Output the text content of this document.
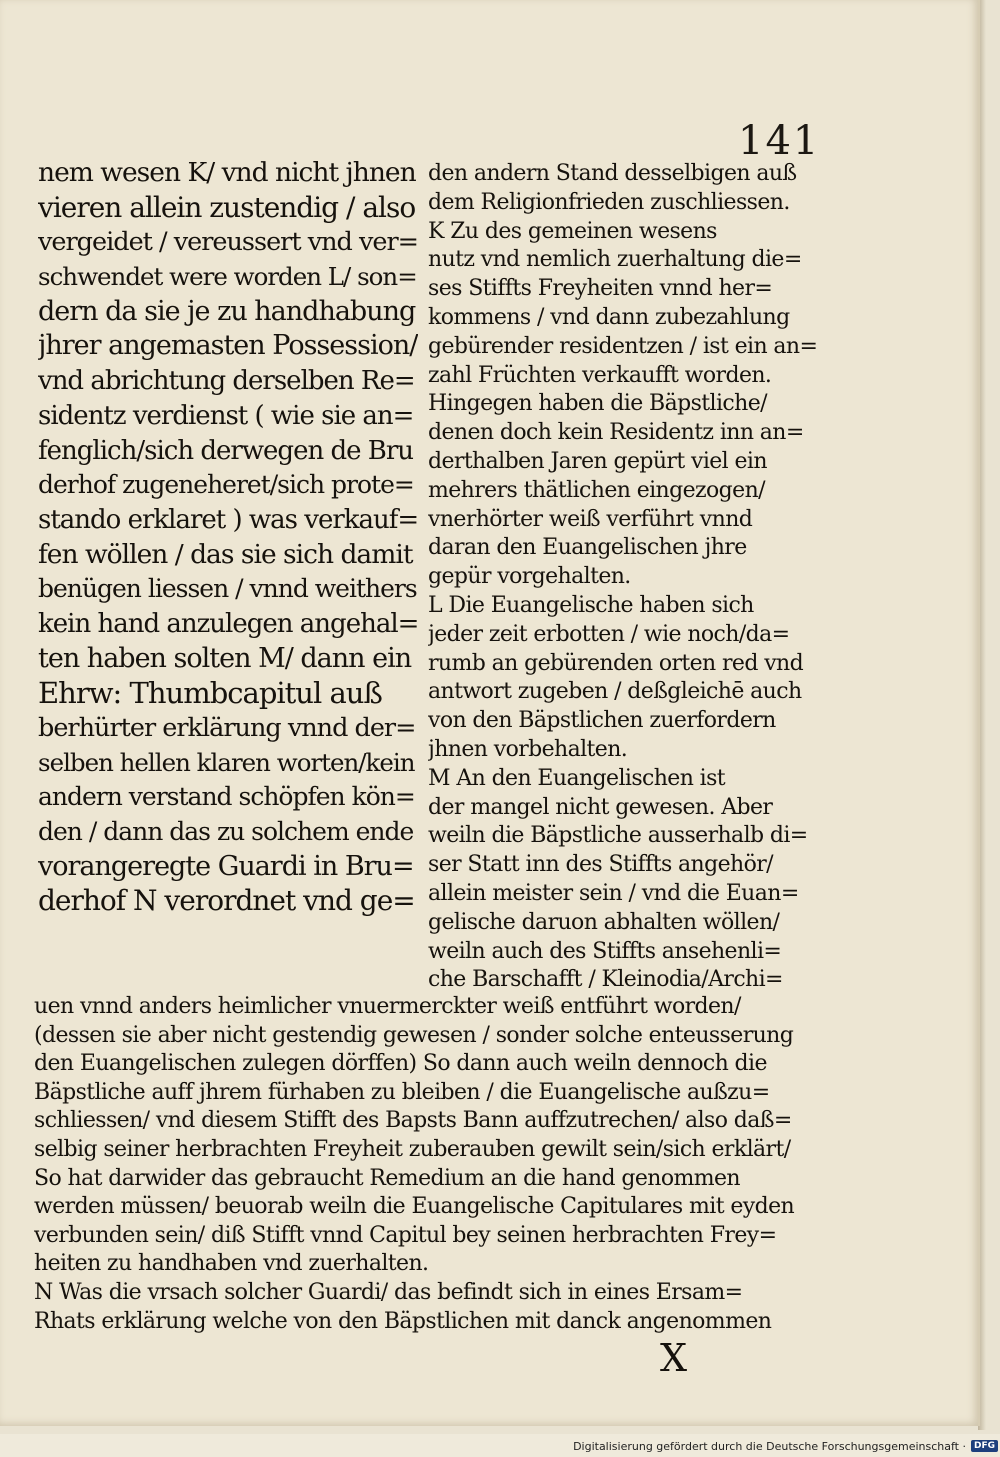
141
nem wesen K/ vnd nicht jhnen
vieren allein zustendig / also
vergeidet / vereussert vnd ver=
schwendet were worden L/ son=
dern da sie je zu handhabung
jhrer angemasten Possession/
vnd abrichtung derselben Re=
sidentz verdienst ( wie sie an=
fenglich/sich derwegen de Bru
derhof zugeneheret/sich prote=
stando erklaret ) was verkauf=
fen wöllen / das sie sich damit
benügen liessen / vnnd weithers
kein hand anzulegen angehal=
ten haben solten M/ dann ein
Ehrw: Thumbcapitul auß
berhürter erklärung vnnd der=
selben hellen klaren worten/kein
andern verstand schöpfen kön=
den / dann das zu solchem ende
vorangeregte Guardi in Bru=
derhof N verordnet vnd ge=
den andern Stand desselbigen auß
dem Religionfrieden zuschliessen.
K Zu des gemeinen wesens
nutz vnd nemlich zuerhaltung die=
ses Stiffts Freyheiten vnnd her=
kommens / vnd dann zubezahlung
gebürender residentzen / ist ein an=
zahl Früchten verkaufft worden.
Hingegen haben die Bäpstliche/
denen doch kein Residentz inn an=
derthalben Jaren gepürt viel ein
mehrers thätlichen eingezogen/
vnerhörter weiß verführt vnnd
daran den Euangelischen jhre
gepür vorgehalten.
L Die Euangelische haben sich
jeder zeit erbotten / wie noch/da=
rumb an gebürenden orten red vnd
antwort zugeben / deßgleichē auch
von den Bäpstlichen zuerfordern
jhnen vorbehalten.
M An den Euangelischen ist
der mangel nicht gewesen. Aber
weiln die Bäpstliche ausserhalb di=
ser Statt inn des Stiffts angehör/
allein meister sein / vnd die Euan=
gelische daruon abhalten wöllen/
weiln auch des Stiffts ansehenli=
che Barschafft / Kleinodia/Archi=
uen vnnd anders heimlicher vnuermerckter weiß entführt worden/
(dessen sie aber nicht gestendig gewesen / sonder solche enteusserung
den Euangelischen zulegen dörffen) So dann auch weiln dennoch die
Bäpstliche auff jhrem fürhaben zu bleiben / die Euangelische außzu=
schliessen/ vnd diesem Stifft des Bapsts Bann auffzutrechen/ also daß=
selbig seiner herbrachten Freyheit zuberauben gewilt sein/sich erklärt/
So hat darwider das gebraucht Remedium an die hand genommen
werden müssen/ beuorab weiln die Euangelische Capitulares mit eyden
verbunden sein/ diß Stifft vnnd Capitul bey seinen herbrachten Frey=
heiten zu handhaben vnd zuerhalten.
N Was die vrsach solcher Guardi/ das befindt sich in eines Ersam=
Rhats erklärung welche von den Bäpstlichen mit danck angenommen
X
Digitalisierung gefördert durch die Deutsche Forschungsgemeinschaft · DFG
